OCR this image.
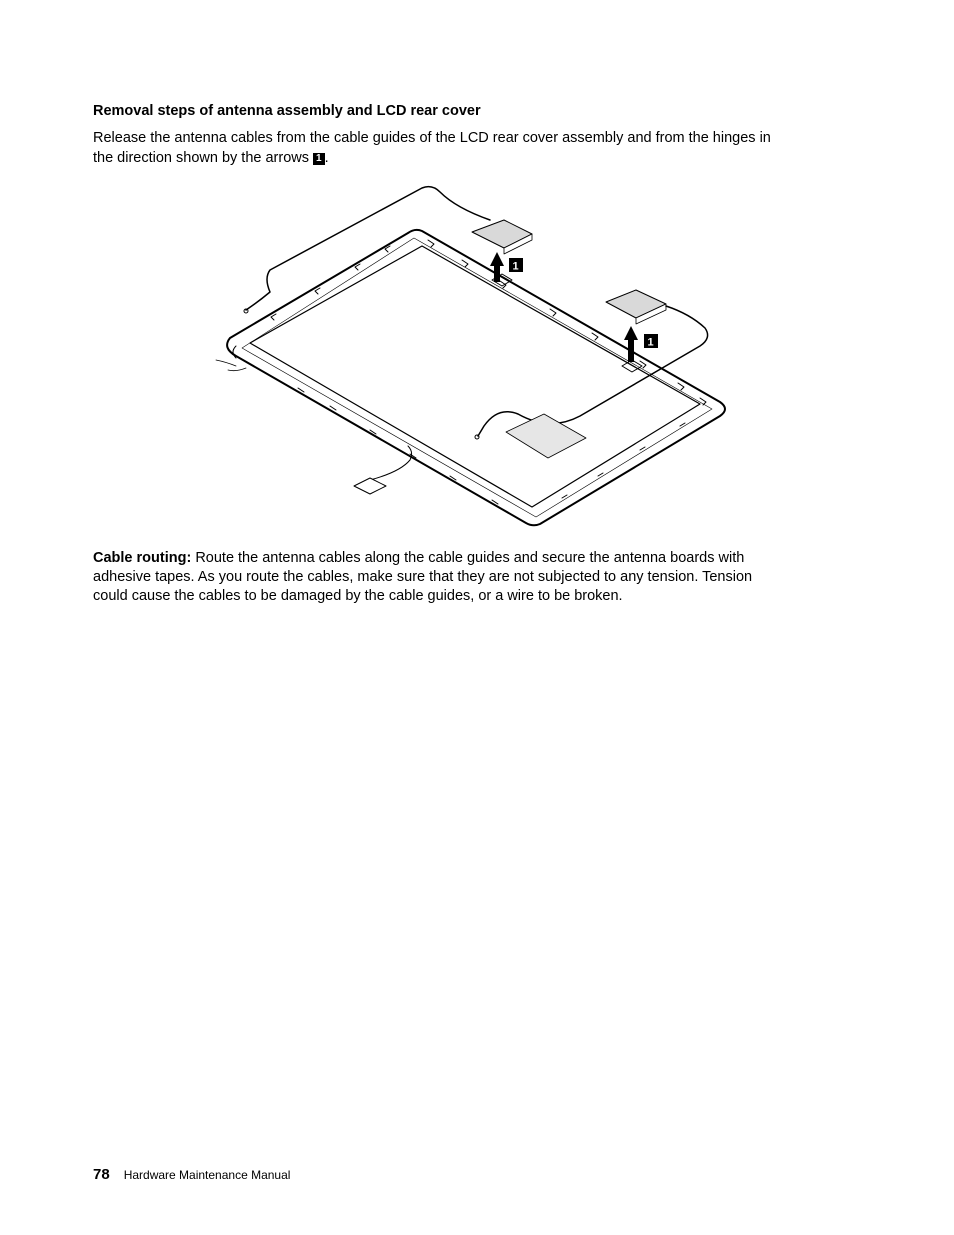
Removal steps of antenna assembly and LCD rear cover
Release the antenna cables from the cable guides of the LCD rear cover assembly and from the hinges in
the direction shown by the arrows 1 .
1
1
Cable routing: Route the antenna cables along the cable guides and secure the antenna boards with
adhesive tapes. As you route the cables, make sure that they are not subjected to any tension. Tension
could cause the cables to be damaged by the cable guides, or a wire to be broken.
78 Hardware Maintenance Manual
